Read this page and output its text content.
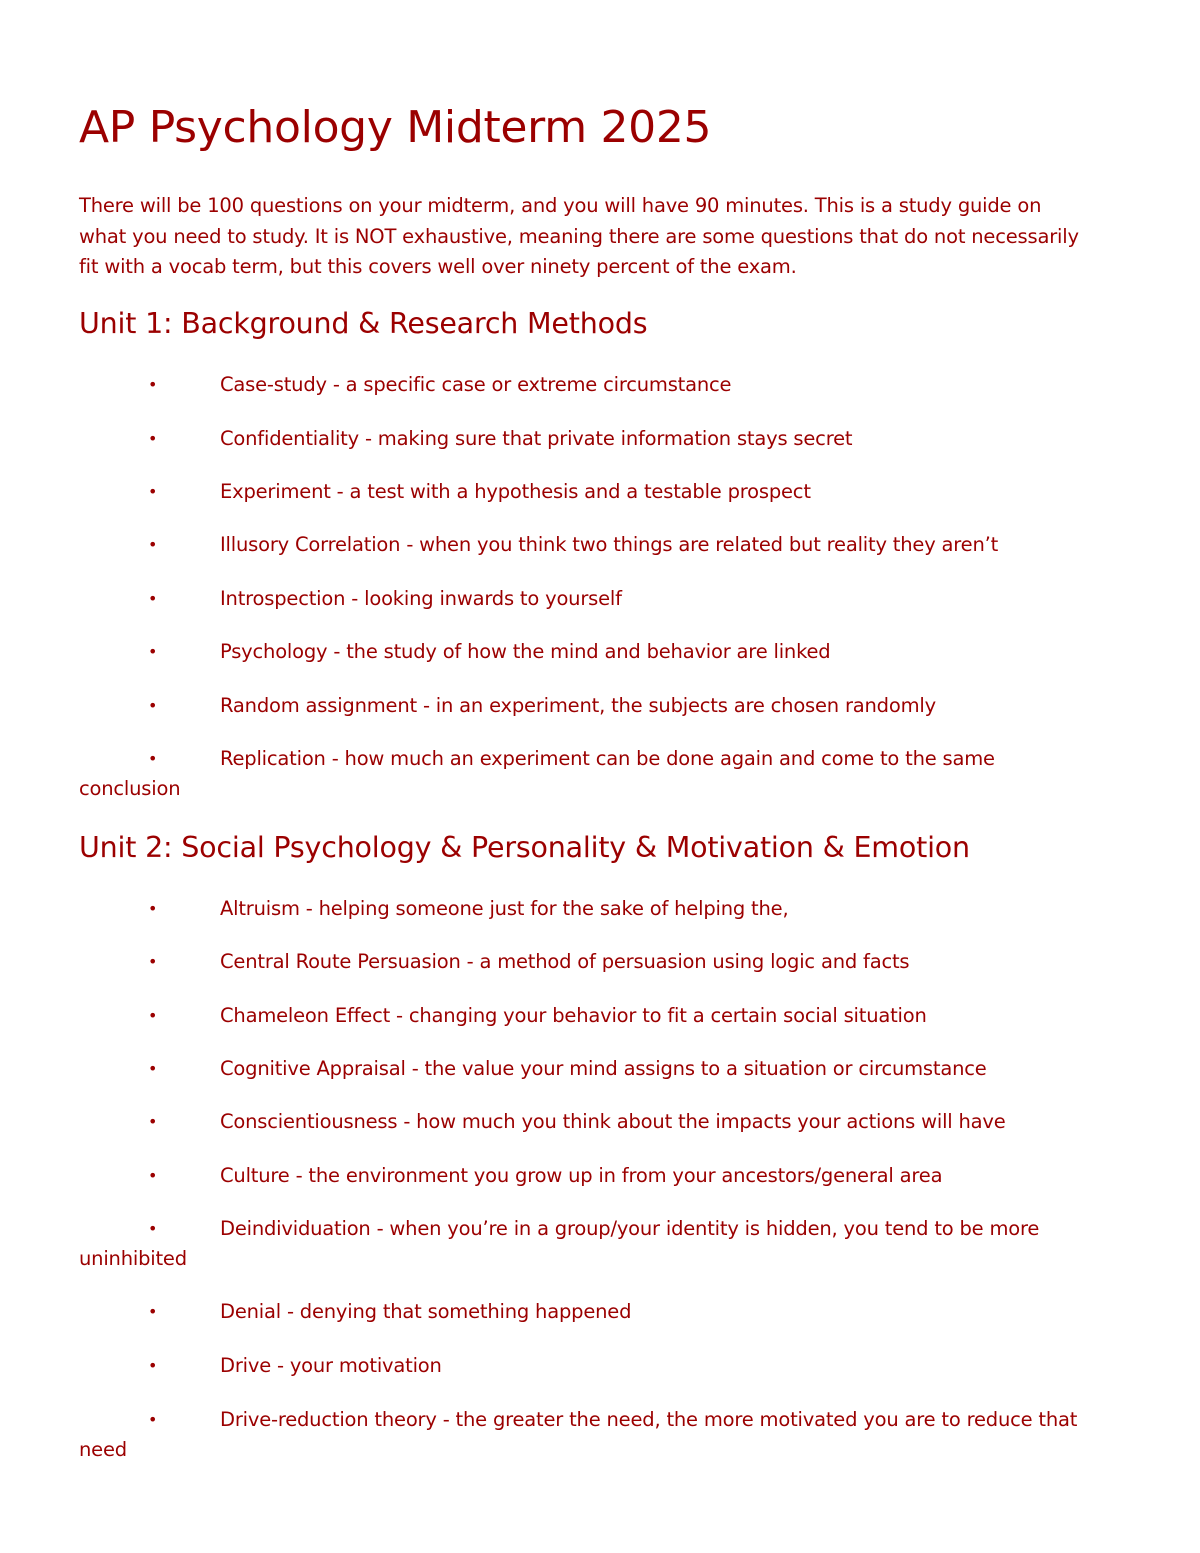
AP Psychology Midterm 2025

There will be 100 questions on your midterm, and you will have 90 minutes. This is a study guide on
what you need to study. It is NOT exhaustive, meaning there are some questions that do not necessarily
fit with a vocab term, but this covers well over ninety percent of the exam.

Unit 1: Background & Research Methods
•	Case-study - a specific case or extreme circumstance
•	Confidentiality - making sure that private information stays secret
•	Experiment - a test with a hypothesis and a testable prospect
•	Illusory Correlation - when you think two things are related but reality they aren’t
•	Introspection - looking inwards to yourself
•	Psychology - the study of how the mind and behavior are linked
•	Random assignment - in an experiment, the subjects are chosen randomly
•	Replication - how much an experiment can be done again and come to the same
conclusion
Unit 2: Social Psychology & Personality & Motivation & Emotion
•	Altruism - helping someone just for the sake of helping the,
•	Central Route Persuasion - a method of persuasion using logic and facts
•	Chameleon Effect - changing your behavior to fit a certain social situation
•	Cognitive Appraisal - the value your mind assigns to a situation or circumstance
•	Conscientiousness - how much you think about the impacts your actions will have
•	Culture - the environment you grow up in from your ancestors/general area
•	Deindividuation - when you’re in a group/your identity is hidden, you tend to be more
uninhibited
•	Denial - denying that something happened
•	Drive - your motivation
•	Drive-reduction theory - the greater the need, the more motivated you are to reduce that
need
